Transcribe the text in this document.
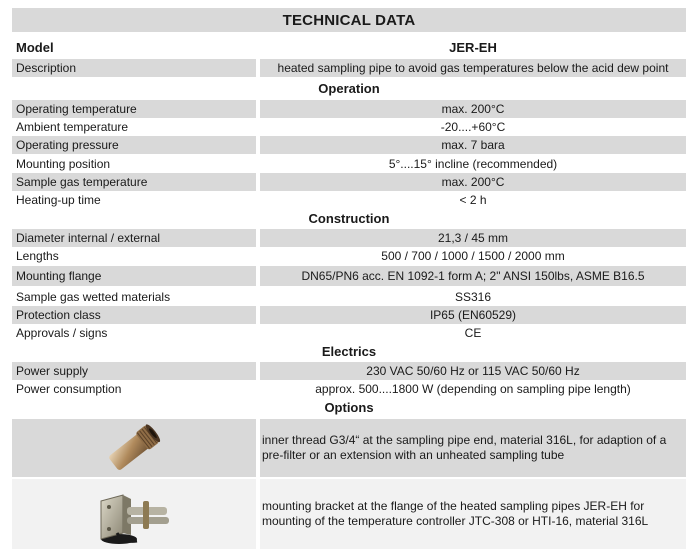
TECHNICAL DATA
Model	JER-EH
Description	heated sampling pipe to avoid gas temperatures below the acid dew point
Operation
Operating temperature	max. 200°C
Ambient temperature	-20....+60°C
Operating pressure	max. 7 bara
Mounting position	5°....15° incline (recommended)
Sample gas temperature	max. 200°C
Heating-up time	< 2 h
Construction
Diameter internal / external	21,3 / 45 mm
Lengths	500 / 700 / 1000 / 1500 / 2000 mm
Mounting flange	DN65/PN6 acc. EN 1092-1 form A; 2" ANSI 150lbs, ASME B16.5
Sample gas wetted materials	SS316
Protection class	IP65 (EN60529)
Approvals / signs	CE
Electrics
Power supply	230 VAC 50/60 Hz or 115 VAC 50/60 Hz
Power consumption	approx. 500....1800 W (depending on sampling pipe length)
Options
inner thread G3/4“ at the sampling pipe end, material 316L, for adaption of a pre-filter or an extension with an unheated sampling tube
mounting bracket at the flange of the heated sampling pipes JER-EH for mounting of the temperature controller JTC-308 or HTI-16, material 316L
